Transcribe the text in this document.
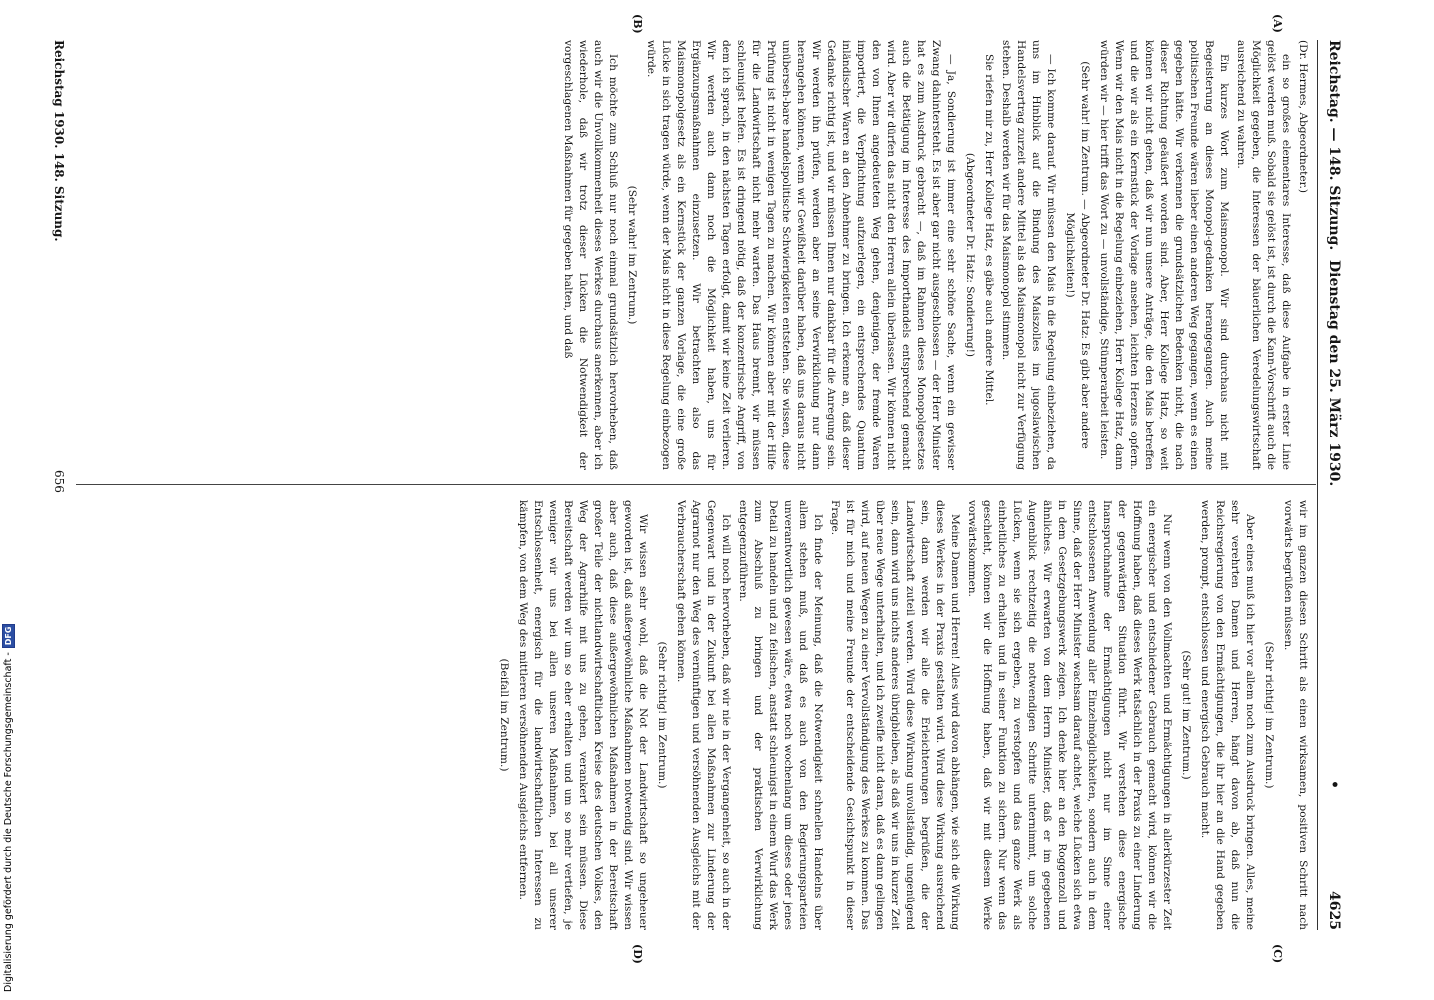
Reichstag. — 148. Sitzung.
Dienstag den 25. März 1930.
•
4625
(A)
(B)
(C)
(D)

(Dr. Hermes, Abgeordneter.)

ein so großes elementares Interesse, daß diese Aufgabe in erster Linie gelöst werden muß. Sobald sie gelöst ist, ist durch die Kann-Vorschrift auch die Möglichkeit gegeben, die Interessen der bäuerlichen Veredelungswirtschaft ausreichend zu wahren.

Ein kurzes Wort zum Maismonopol. Wir sind durchaus nicht mit Begeisterung an dieses Monopol-gedanken herangegangen. Auch meine politischen Freunde wären lieber einen anderen Weg gegangen, wenn es einen gegeben hätte. Wir verkennen die grundsätzlichen Bedenken nicht, die nach dieser Richtung geäußert worden sind. Aber, Herr Kollege Hatz, so weit können wir nicht gehen, daß wir nun unsere Anträge, die den Mais betreffen und die wir als ein Kernstück der Vorlage ansehen, leichten Herzens opfern. Wenn wir den Mais nicht in die Regelung einbeziehen, Herr Kollege Hatz, dann würden wir — hier trifft das Wort zu — unvollständige, Stümperarbeit leisten.

(Sehr wahr! im Zentrum. — Abgeordneter Dr. Hatz: Es gibt aber andere Möglichkeiten!)

— Ich komme darauf. Wir müssen den Mais in die Regelung einbeziehen, da uns im Hinblick auf die Bindung des Maiszolles im jugoslawischen Handelsvertrag zurzeit andere Mittel als das Maismonopol nicht zur Verfügung stehen. Deshalb werden wir für das Maismonopol stimmen.

Sie riefen mir zu, Herr Kollege Hatz, es gäbe auch andere Mittel.

(Abgeordneter Dr. Hatz: Sondierung!)

— Ja, Sondierung ist immer eine sehr schöne Sache, wenn ein gewisser Zwang dahintersteht. Es ist aber gar nicht ausgeschlossen — der Herr Minister hat es zum Ausdruck gebracht —, daß im Rahmen dieses Monopolgesetzes auch die Betätigung im Interesse des Importhandels entsprechend gemacht wird. Aber wir dürfen das nicht den Herren allein überlassen. Wir können nicht den von Ihnen angedeuteten Weg gehen, denjenigen, der fremde Waren importiert, die Verpflichtung aufzuerlegen, ein entsprechendes Quantum inländischer Waren an den Abnehmer zu bringen. Ich erkenne an, daß dieser Gedanke richtig ist, und wir müssen Ihnen nur dankbar für die Anregung sein. Wir werden ihn prüfen, werden aber an seine Verwirklichung nur dann herangehen können, wenn wir Gewißheit darüber haben, daß uns daraus nicht unüberseh-bare handelspolitische Schwierigkeiten entstehen. Sie wissen, diese Prüfung ist nicht in wenigen Tagen zu machen. Wir können aber mit der Hilfe für die Landwirtschaft nicht mehr warten. Das Haus brennt, wir müssen schleunigst helfen. Es ist dringend nötig, daß der konzentrische Angriff, von dem ich sprach, in den nächsten Tagen erfolgt, damit wir keine Zeit verlieren. Wir werden auch dann noch die Möglichkeit haben, uns für Ergänzungsmaßnahmen einzusetzen. Wir betrachten also das Maismonopolgesetz als ein Kernstück der ganzen Vorlage, die eine große Lücke in sich tragen würde, wenn der Mais nicht in diese Regelung einbezogen würde.

(Sehr wahr! im Zentrum.)

Ich möchte zum Schluß nur noch einmal grundsätzlich hervorheben, daß auch wir die Unvollkommenheit dieses Werkes durchaus anerkennen, aber ich wiederhole, daß wir trotz dieser Lücken die Notwendigkeit der vorgeschlagenen Maßnahmen für gegeben halten, und daß

wir im ganzen diesen Schritt als einen wirksamen, positiven Schritt nach vorwärts begrüßen müssen.

(Sehr richtig! im Zentrum.)

Aber eines muß ich hier vor allem noch zum Ausdruck bringen. Alles, meine sehr verehrten Damen und Herren, hängt davon ab, daß nun die Reichsregierung von den Ermächtigungen, die ihr hier an die Hand gegeben werden, prompt, entschlossen und energisch Gebrauch macht.

(Sehr gut! im Zentrum.)

Nur wenn von den Vollmachten und Ermächtigungen in allerkürzester Zeit ein energischer und entschiedener Gebrauch gemacht wird, können wir die Hoffnung haben, daß dieses Werk tatsächlich in der Praxis zu einer Linderung der gegenwärtigen Situation führt. Wir verstehen diese energische Inanspruchnahme der Ermächtigungen nicht nur im Sinne einer entschlossenen Anwendung aller Einzelmöglichkeiten, sondern auch in dem Sinne, daß der Herr Minister wachsam darauf achtet, welche Lücken sich etwa in dem Gesetzgebungswerk zeigen. Ich denke hier an den Roggenzoll und ähnliches. Wir erwarten von dem Herrn Minister, daß er im gegebenen Augenblick rechtzeitig die notwendigen Schritte unternimmt, um solche Lücken, wenn sie sich ergeben, zu verstopfen und das ganze Werk als einheitliches zu erhalten und in seiner Funktion zu sichern. Nur wenn das geschieht, können wir die Hoffnung haben, daß wir mit diesem Werke vorwärtskommen.

Meine Damen und Herren! Alles wird davon abhängen, wie sich die Wirkung dieses Werkes in der Praxis gestalten wird. Wird diese Wirkung ausreichend sein, dann werden wir alle die Erleichterungen begrüßen, die der Landwirtschaft zuteil werden. Wird diese Wirkung unvollständig, ungenügend sein, dann wird uns nichts anderes übrigbleiben, als daß wir uns in kurzer Zeit über neue Wege unterhalten, und ich zweifle nicht daran, daß es dann gelingen wird, auf neuen Wegen zu einer Vervollständigung des Werkes zu kommen. Das ist für mich und meine Freunde der entscheidende Gesichtspunkt in dieser Frage.

Ich finde der Meinung, daß die Notwendigkeit schnellen Handelns über allem stehen muß, und daß es auch von den Regierungsparteien unverantwortlich gewesen wäre, etwa noch wochenlang um dieses oder jenes Detail zu handeln und zu feilschen, anstatt schleunigst in einem Wurf das Werk zum Abschluß zu bringen und der praktischen Verwirklichung entgegenzuführen.

Ich will noch hervorheben, daß wir nie in der Vergangenheit, so auch in der Gegenwart und in der Zukunft bei allen Maßnahmen zur Linderung der Agrarnot nur den Weg des vernünftigen und versöhnenden Ausgleichs mit der Verbraucherschaft gehen können.

(Sehr richtig! im Zentrum.)

Wir wissen sehr wohl, daß die Not der Landwirtschaft so ungeheuer geworden ist, daß außergewöhnliche Maßnahmen notwendig sind. Wir wissen aber auch, daß diese außergewöhnlichen Maßnahmen in der Bereitschaft großer Teile der nichtlandwirtschaftlichen Kreise des deutschen Volkes, den Weg der Agrarhilfe mit uns zu gehen, verankert sein müssen. Diese Bereitschaft werden wir um so eher erhalten und um so mehr vertiefen, je weniger wir uns bei allen unseren Maßnahmen, bei all unserer Entschlossenheit, energisch für die landwirtschaftlichen Interessen zu kämpfen, von dem Weg des mittleren versöhnenden Ausgleichs entfernen.

(Beifall im Zentrum.)

Reichstag 1930. 148. Sitzung.
656
Digitalisierung gefördert durch die Deutsche Forschungsgemeinschaft -DFG
